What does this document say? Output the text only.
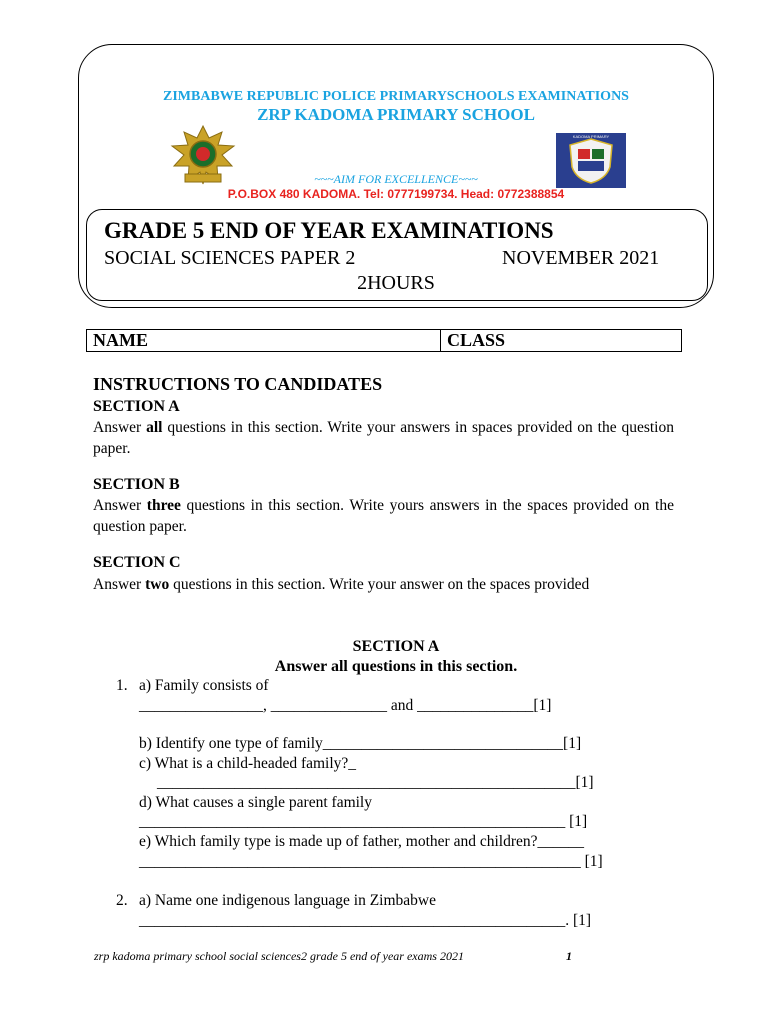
ZIMBABWE REPUBLIC POLICE PRIMARYSCHOOLS EXAMINATIONS
ZRP KADOMA PRIMARY SCHOOL
KADOMA PRIMARY
~~~AIM FOR EXCELLENCE~~~
P.O.BOX 480 KADOMA. Tel: 0777199734. Head: 0772388854
GRADE 5 END OF YEAR EXAMINATIONS
SOCIAL SCIENCES PAPER 2	NOVEMBER 2021
2HOURS
NAME	CLASS
INSTRUCTIONS TO CANDIDATES
SECTION A
Answer all questions in this section. Write your answers in spaces provided on the question paper.
SECTION B
Answer three questions in this section. Write yours answers in the spaces provided on the question paper.
SECTION C
Answer two questions in this section. Write your answer on the spaces provided
SECTION A
Answer all questions in this section.
1. a) Family consists of
________________, _______________ and _______________[1]
b) Identify one type of family_______________________________[1]
c) What is a child-headed family?_
______________________________________________________[1]
d) What causes a single parent family
_______________________________________________________ [1]
e) Which family type is made up of father, mother and children?______
_________________________________________________________ [1]
2. a) Name one indigenous language in Zimbabwe
_______________________________________________________. [1]
zrp kadoma primary school social sciences2 grade 5 end of year exams 2021	1
